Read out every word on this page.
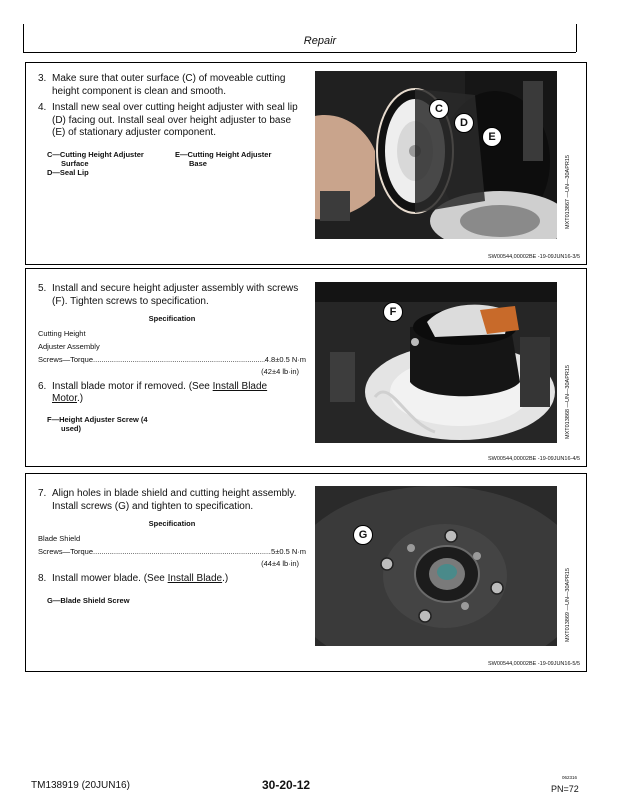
Repair

3. Make sure that outer surface (C) of moveable cutting height component is clean and smooth.

4. Install new seal over cutting height adjuster with seal lip (D) facing out. Install seal over height adjuster to base (E) of stationary adjuster component.

C—Cutting Height Adjuster
Surface
D—Seal Lip
E—Cutting Height Adjuster
Base
C
D
E
MXT013867 —UN—30APR15
SW00544,00002BE -19-09JUN16-3/5

5. Install and secure height adjuster assembly with screws (F). Tighten screws to specification.

Specification
Cutting Height
Adjuster Assembly
Screws—Torque .....	4.8±0.5 N·m
(42±4 lb·in)

6. Install blade motor if removed. (See Install Blade
Motor.)

F—Height Adjuster Screw (4
used)
F
MXT013868 —UN—30APR15
SW00544,00002BE -19-09JUN16-4/5

7. Align holes in blade shield and cutting height assembly. Install screws (G) and tighten to specification.

Specification
Blade Shield
Screws—Torque .....	5±0.5 N·m
(44±4 lb·in)

8. Install mower blade. (See Install Blade.)

G—Blade Shield Screw
G
MXT013869 —UN—30APR15
SW00544,00002BE -19-09JUN16-5/5
TM138919 (20JUN16)	30-20-12
062316
PN=72
